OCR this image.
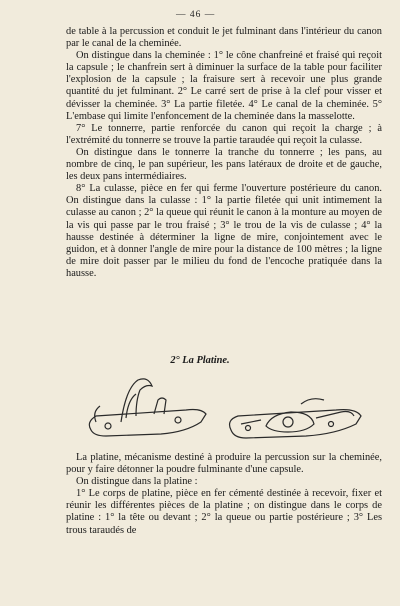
— 46 —

de table à la percussion et conduit le jet fulminant dans l'intérieur du canon par le canal de la cheminée.

On distingue dans la cheminée : 1° le cône chanfreiné et fraisé qui reçoit la capsule ; le chanfrein sert à diminuer la surface de la table pour faciliter l'explosion de la capsule ; la fraisure sert à recevoir une plus grande quantité du jet fulminant. 2° Le carré sert de prise à la clef pour visser et dévisser la cheminée. 3° La partie filetée. 4° Le canal de la cheminée. 5° L'embase qui limite l'enfoncement de la cheminée dans la masselotte.

7° Le tonnerre, partie renforcée du canon qui reçoit la charge ; à l'extrémité du tonnerre se trouve la partie taraudée qui reçoit la culasse.

On distingue dans le tonnerre la tranche du tonnerre ; les pans, au nombre de cinq, le pan supérieur, les pans latéraux de droite et de gauche, les deux pans intermédiaires.

8° La culasse, pièce en fer qui ferme l'ouverture postérieure du canon. On distingue dans la culasse : 1° la partie filetée qui unit intimement la culasse au canon ; 2° la queue qui réunit le canon à la monture au moyen de la vis qui passe par le trou fraisé ; 3° le trou de la vis de culasse ; 4° la hausse destinée à déterminer la ligne de mire, conjointement avec le guidon, et à donner l'angle de mire pour la distance de 100 mètres ; la ligne de mire doit passer par le milieu du fond de l'encoche pratiquée dans la hausse.

2° La Platine.

La platine, mécanisme destiné à produire la percussion sur la cheminée, pour y faire détonner la poudre fulminante d'une capsule.

On distingue dans la platine :

1° Le corps de platine, pièce en fer cémenté destinée à recevoir, fixer et réunir les différentes pièces de la platine ; on distingue dans le corps de platine : 1° la tête ou devant ; 2° la queue ou partie postérieure ; 3° Les trous taraudés de
